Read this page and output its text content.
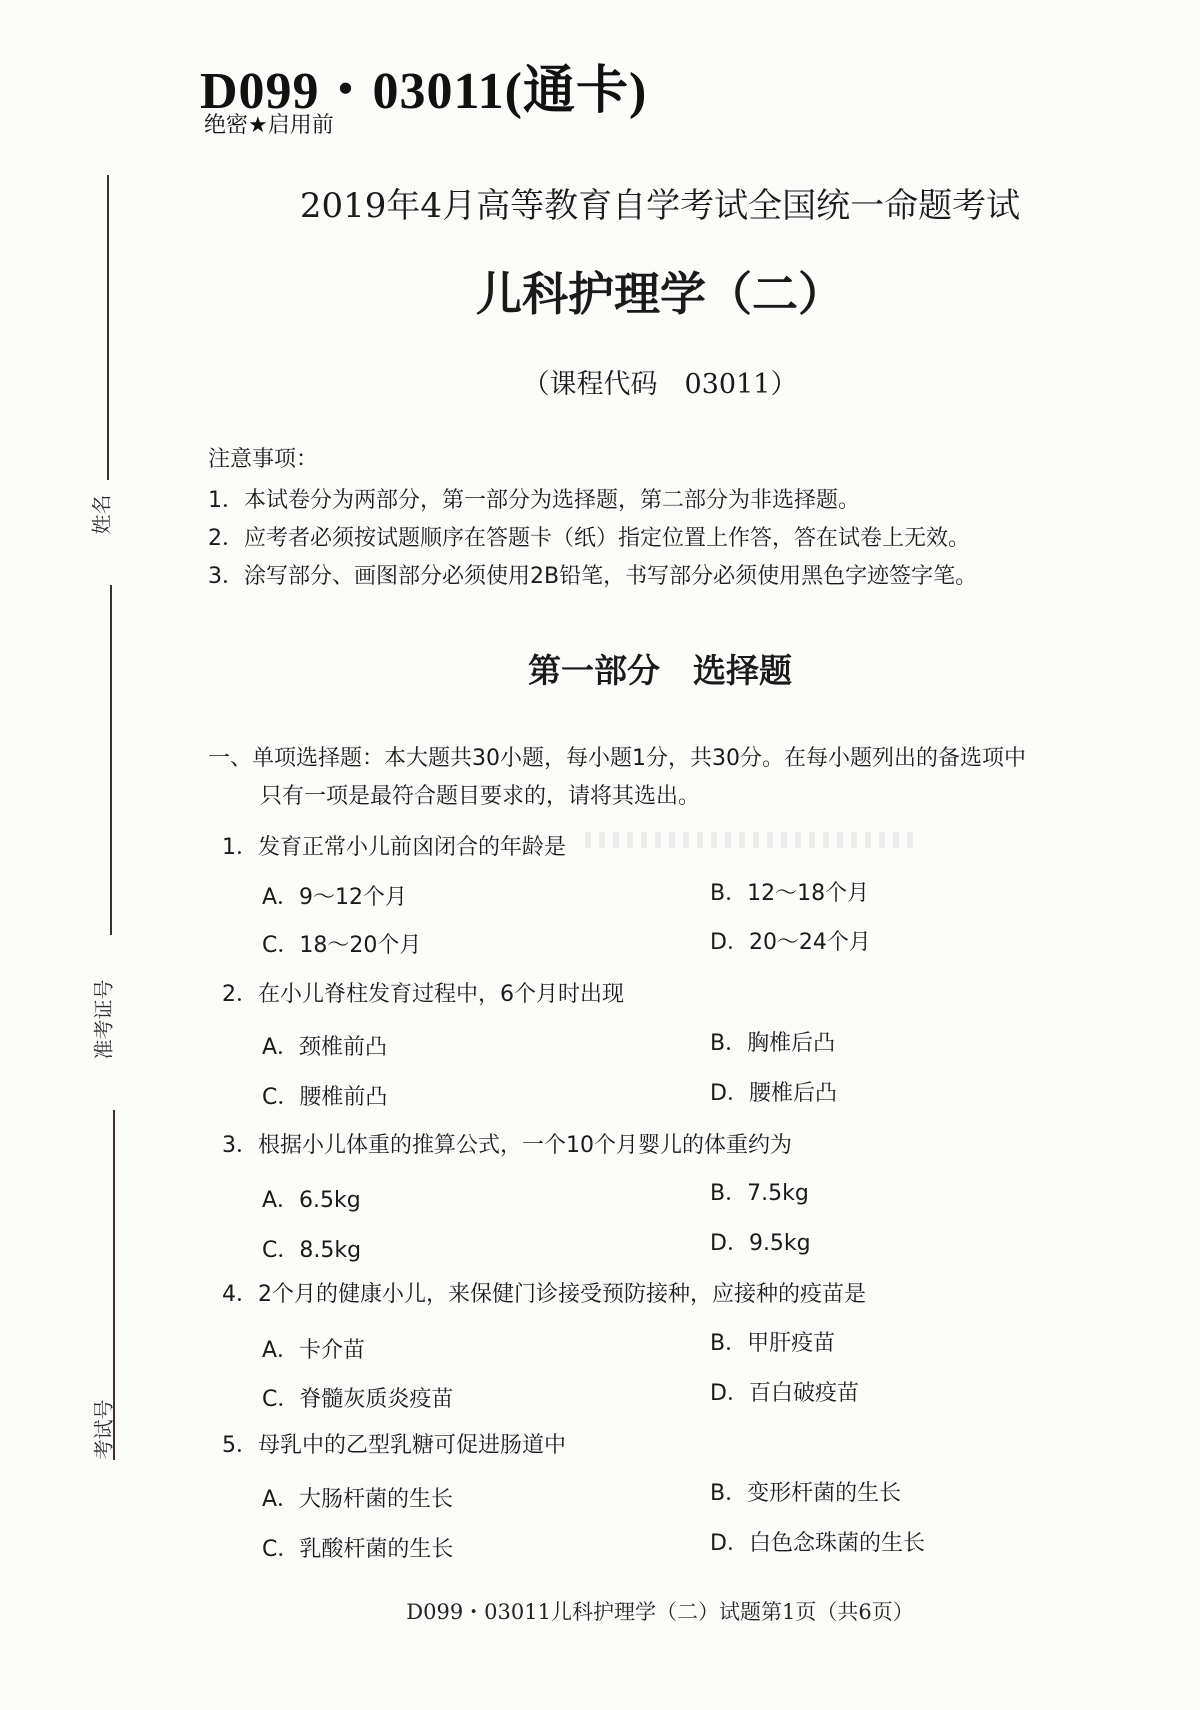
D099・03011(通卡)
绝密★启用前
2019年4月高等教育自学考试全国统一命题考试
儿科护理学（二）
（课程代码　03011）
姓名
准考证号
考试号
注意事项：
1．本试卷分为两部分，第一部分为选择题，第二部分为非选择题。
2．应考者必须按试题顺序在答题卡（纸）指定位置上作答，答在试卷上无效。
3．涂写部分、画图部分必须使用2B铅笔，书写部分必须使用黑色字迹签字笔。
第一部分　选择题
一、单项选择题：本大题共30小题，每小题1分，共30分。在每小题列出的备选项中
只有一项是最符合题目要求的，请将其选出。
1．发育正常小儿前囟闭合的年龄是
A．9～12个月	B．12～18个月
C．18～20个月	D．20～24个月
2．在小儿脊柱发育过程中，6个月时出现
A．颈椎前凸	B．胸椎后凸
C．腰椎前凸	D．腰椎后凸
3．根据小儿体重的推算公式，一个10个月婴儿的体重约为
A．6.5kg	B．7.5kg
C．8.5kg	D．9.5kg
4．2个月的健康小儿，来保健门诊接受预防接种，应接种的疫苗是
A．卡介苗	B．甲肝疫苗
C．脊髓灰质炎疫苗	D．百白破疫苗
5．母乳中的乙型乳糖可促进肠道中
A．大肠杆菌的生长	B．变形杆菌的生长
C．乳酸杆菌的生长	D．白色念珠菌的生长
D099・03011儿科护理学（二）试题第1页（共6页）
